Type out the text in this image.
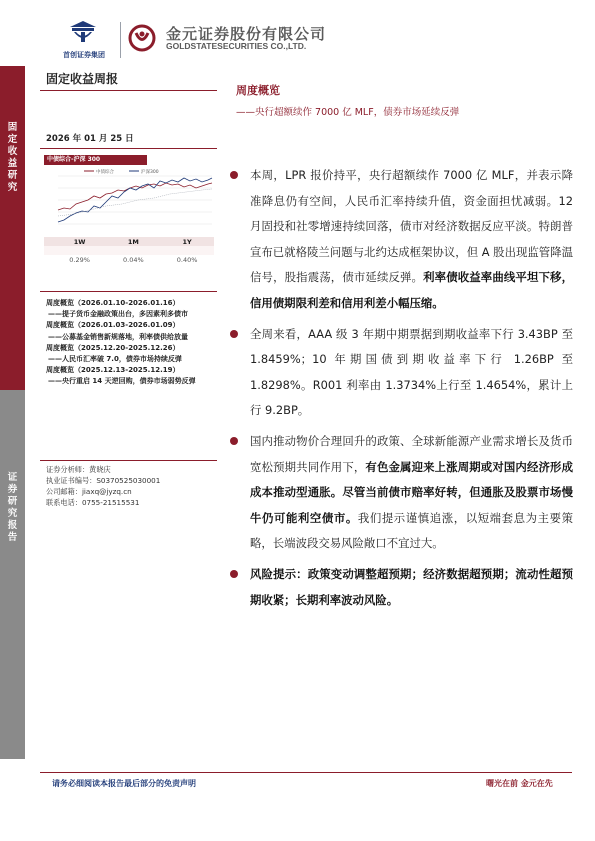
首创证券集团
金元证券股份有限公司
GOLDSTATESECURITIES CO.,LTD.
固
定
收
益
研
究
证
券
研
究
报
告
固定收益周报
2026 年 01 月 25 日
中债综合-沪深 300
中债综合	沪深300
	1W	1M	1Y

	0.29%	0.04%	0.40%
周度概览（2026.01.10-2026.01.16）
——提子货币金融政策出台，多因素利多债市
周度概览（2026.01.03-2026.01.09）
——公募基金销售新规落地，利率债供给放量
周度概览（2025.12.20-2025.12.26）
——人民币汇率破 7.0，债券市场持续反弹
周度概览（2025.12.13-2025.12.19）
——央行重启 14 天逆回购，债券市场弱势反弹
证券分析师：黄晓庆
执业证书编号：S0370525030001
公司邮箱：jiaxq@jyzq.cn
联系电话：0755-21515531
周度概览
——央行超额续作 7000 亿 MLF，债券市场延续反弹

本周，LPR 报价持平，央行超额续作 7000 亿 MLF，并表示降准降息仍有空间，人民币汇率持续升值，资金面担忧减弱。12 月固投和社零增速持续回落，债市对经济数据反应平淡。特朗普宣布已就格陵兰问题与北约达成框架协议，但 A 股出现监管降温信号，股指震荡，债市延续反弹。利率债收益率曲线平坦下移，信用债期限利差和信用利差小幅压缩。

全周来看，AAA 级 3 年期中期票据到期收益率下行 3.43BP 至 1.8459%；10 年期国债到期收益率下行 1.26BP 至 1.8298%。R001 利率由 1.3734%上行至 1.4654%，累计上行 9.2BP。

国内推动物价合理回升的政策、全球新能源产业需求增长及货币宽松预期共同作用下，有色金属迎来上涨周期或对国内经济形成成本推动型通胀。尽管当前债市赔率好转，但通胀及股票市场慢牛仍可能利空债市。我们提示谨慎追涨，以短端套息为主要策略，长端波段交易风险敞口不宜过大。

风险提示：政策变动调整超预期；经济数据超预期；流动性超预期收紧；长期利率波动风险。

请务必细阅读本报告最后部分的免责声明	曙光在前 金元在先
